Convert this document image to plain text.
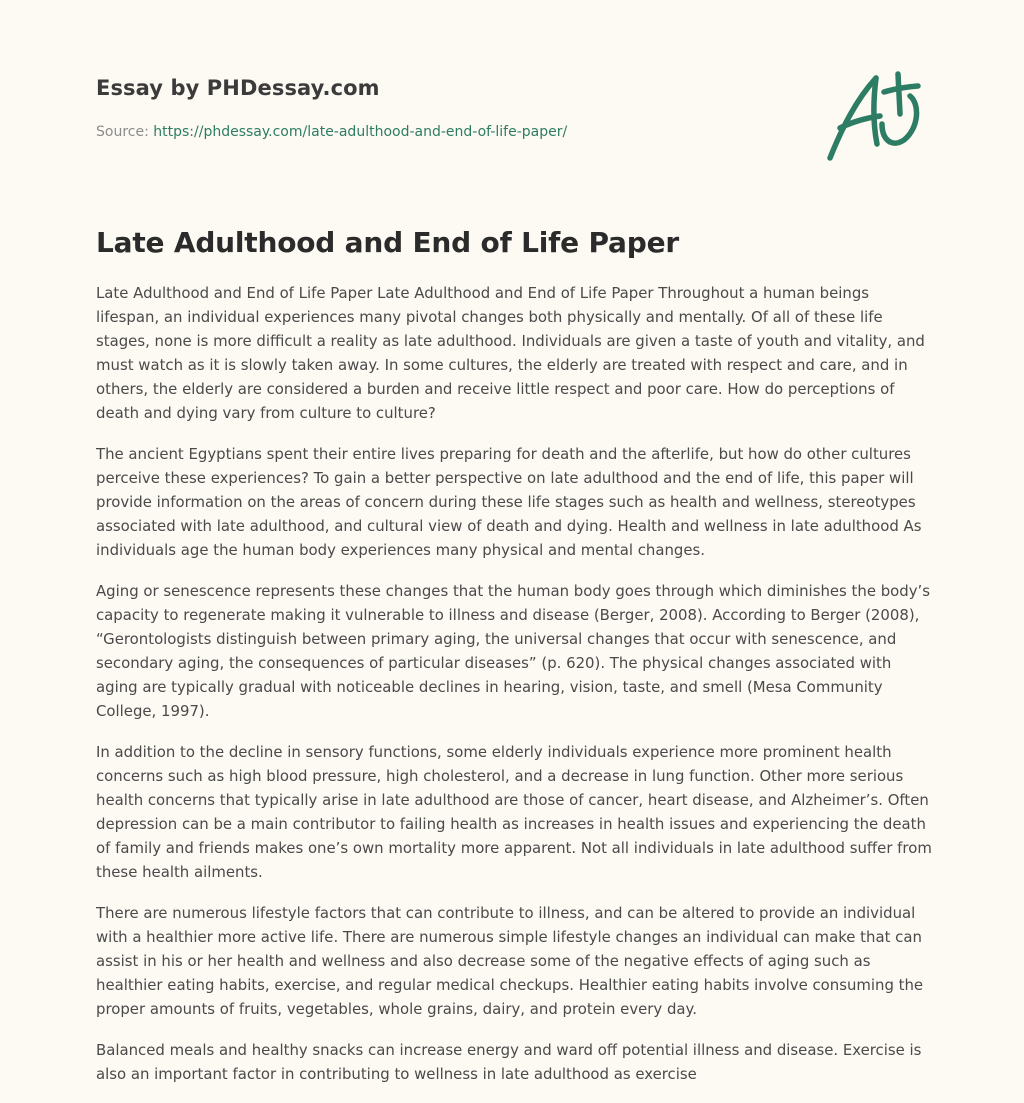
Essay by PHDessay.com
Source: https://phdessay.com/late-adulthood-and-end-of-life-paper/
Late Adulthood and End of Life Paper

Late Adulthood and End of Life Paper Late Adulthood and End of Life Paper Throughout a human beings lifespan, an individual experiences many pivotal changes both physically and mentally. Of all of these life stages, none is more difficult a reality as late adulthood. Individuals are given a taste of youth and vitality, and must watch as it is slowly taken away. In some cultures, the elderly are treated with respect and care, and in others, the elderly are considered a burden and receive little respect and poor care. How do perceptions of death and dying vary from culture to culture?

The ancient Egyptians spent their entire lives preparing for death and the afterlife, but how do other cultures perceive these experiences? To gain a better perspective on late adulthood and the end of life, this paper will provide information on the areas of concern during these life stages such as health and wellness, stereotypes associated with late adulthood, and cultural view of death and dying. Health and wellness in late adulthood As individuals age the human body experiences many physical and mental changes.

Aging or senescence represents these changes that the human body goes through which diminishes the body’s capacity to regenerate making it vulnerable to illness and disease (Berger, 2008). According to Berger (2008), “Gerontologists distinguish between primary aging, the universal changes that occur with senescence, and secondary aging, the consequences of particular diseases” (p. 620). The physical changes associated with aging are typically gradual with noticeable declines in hearing, vision, taste, and smell (Mesa Community College, 1997).

In addition to the decline in sensory functions, some elderly individuals experience more prominent health concerns such as high blood pressure, high cholesterol, and a decrease in lung function. Other more serious health concerns that typically arise in late adulthood are those of cancer, heart disease, and Alzheimer’s. Often depression can be a main contributor to failing health as increases in health issues and experiencing the death of family and friends makes one’s own mortality more apparent. Not all individuals in late adulthood suffer from these health ailments.

There are numerous lifestyle factors that can contribute to illness, and can be altered to provide an individual with a healthier more active life. There are numerous simple lifestyle changes an individual can make that can assist in his or her health and wellness and also decrease some of the negative effects of aging such as healthier eating habits, exercise, and regular medical checkups. Healthier eating habits involve consuming the proper amounts of fruits, vegetables, whole grains, dairy, and protein every day.

Balanced meals and healthy snacks can increase energy and ward off potential illness and disease. Exercise is also an important factor in contributing to wellness in late adulthood as exercise
